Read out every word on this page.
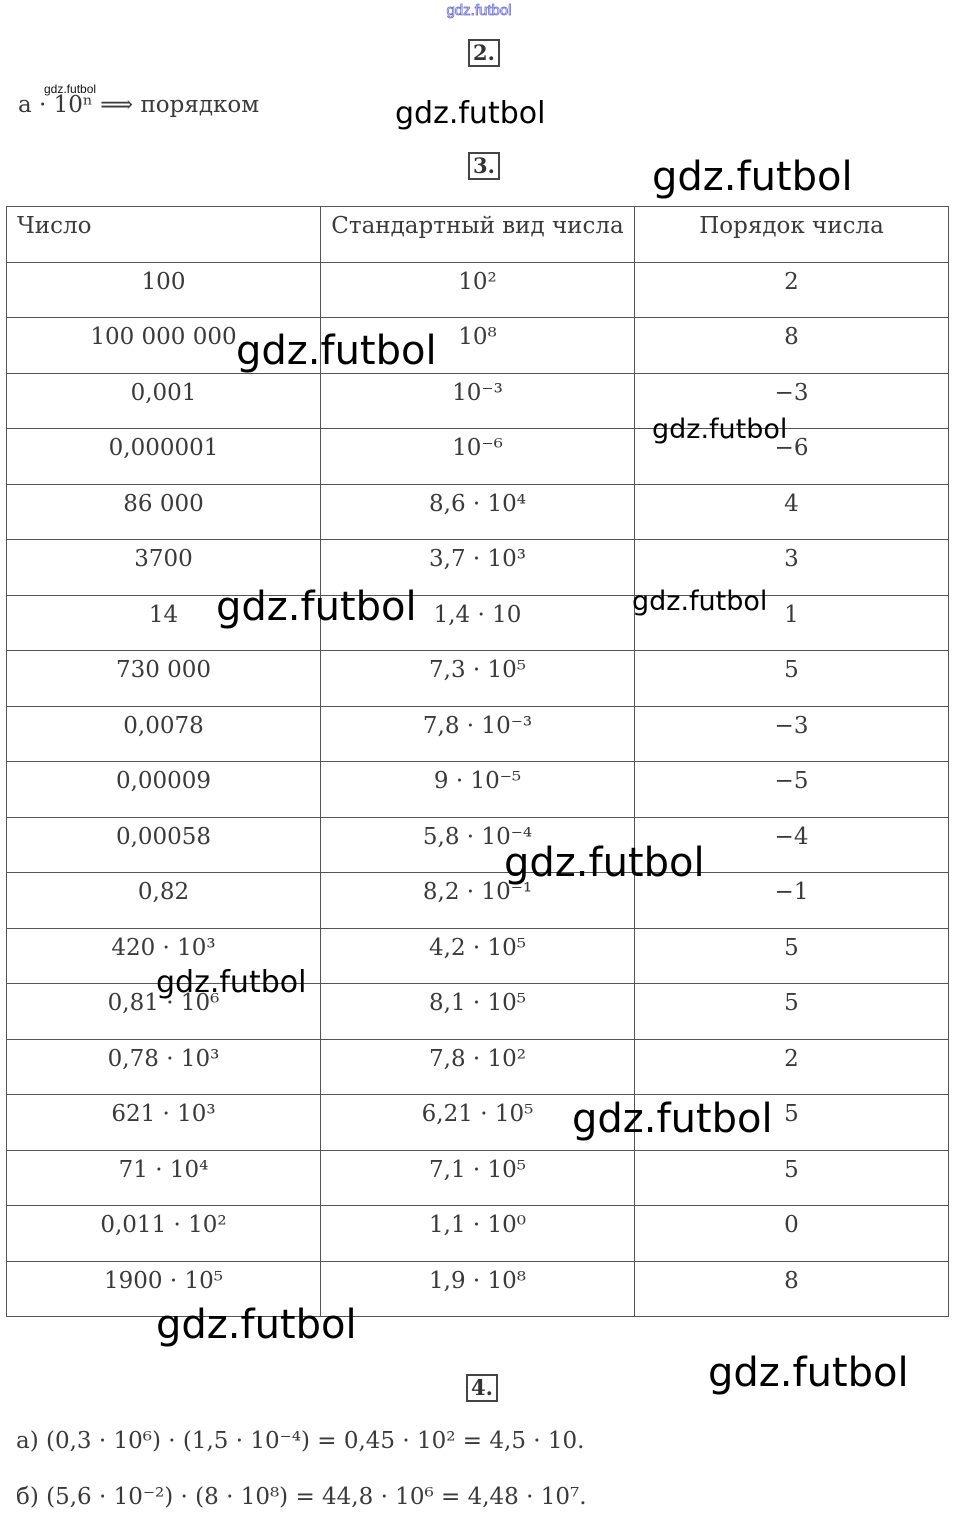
gdz.futbol
2.
gdz.futbol
a · 10ⁿ ⟹ порядком
3.
Число	Стандартный вид числа	Порядок числа
100	10²	2
100 000 000	10⁸	8
0,001	10⁻³	−3
0,000001	10⁻⁶	−6
86 000	8,6 · 10⁴	4
3700	3,7 · 10³	3
14	1,4 · 10	1
730 000	7,3 · 10⁵	5
0,0078	7,8 · 10⁻³	−3
0,00009	9 · 10⁻⁵	−5
0,00058	5,8 · 10⁻⁴	−4
0,82	8,2 · 10⁻¹	−1
420 · 10³	4,2 · 10⁵	5
0,81 · 10⁶	8,1 · 10⁵	5
0,78 · 10³	7,8 · 10²	2
621 · 10³	6,21 · 10⁵	5
71 · 10⁴	7,1 · 10⁵	5
0,011 · 10²	1,1 · 10⁰	0
1900 · 10⁵	1,9 · 10⁸	8
4.
а) (0,3 · 10⁶) · (1,5 · 10⁻⁴) = 0,45 · 10² = 4,5 · 10.
б) (5,6 · 10⁻²) · (8 · 10⁸) = 44,8 · 10⁶ = 4,48 · 10⁷.
gdz.futbol
gdz.futbol
gdz.futbol
gdz.futbol
gdz.futbol	gdz.futbol
gdz.futbol
gdz.futbol
gdz.futbol
gdz.futbol
gdz.futbol
